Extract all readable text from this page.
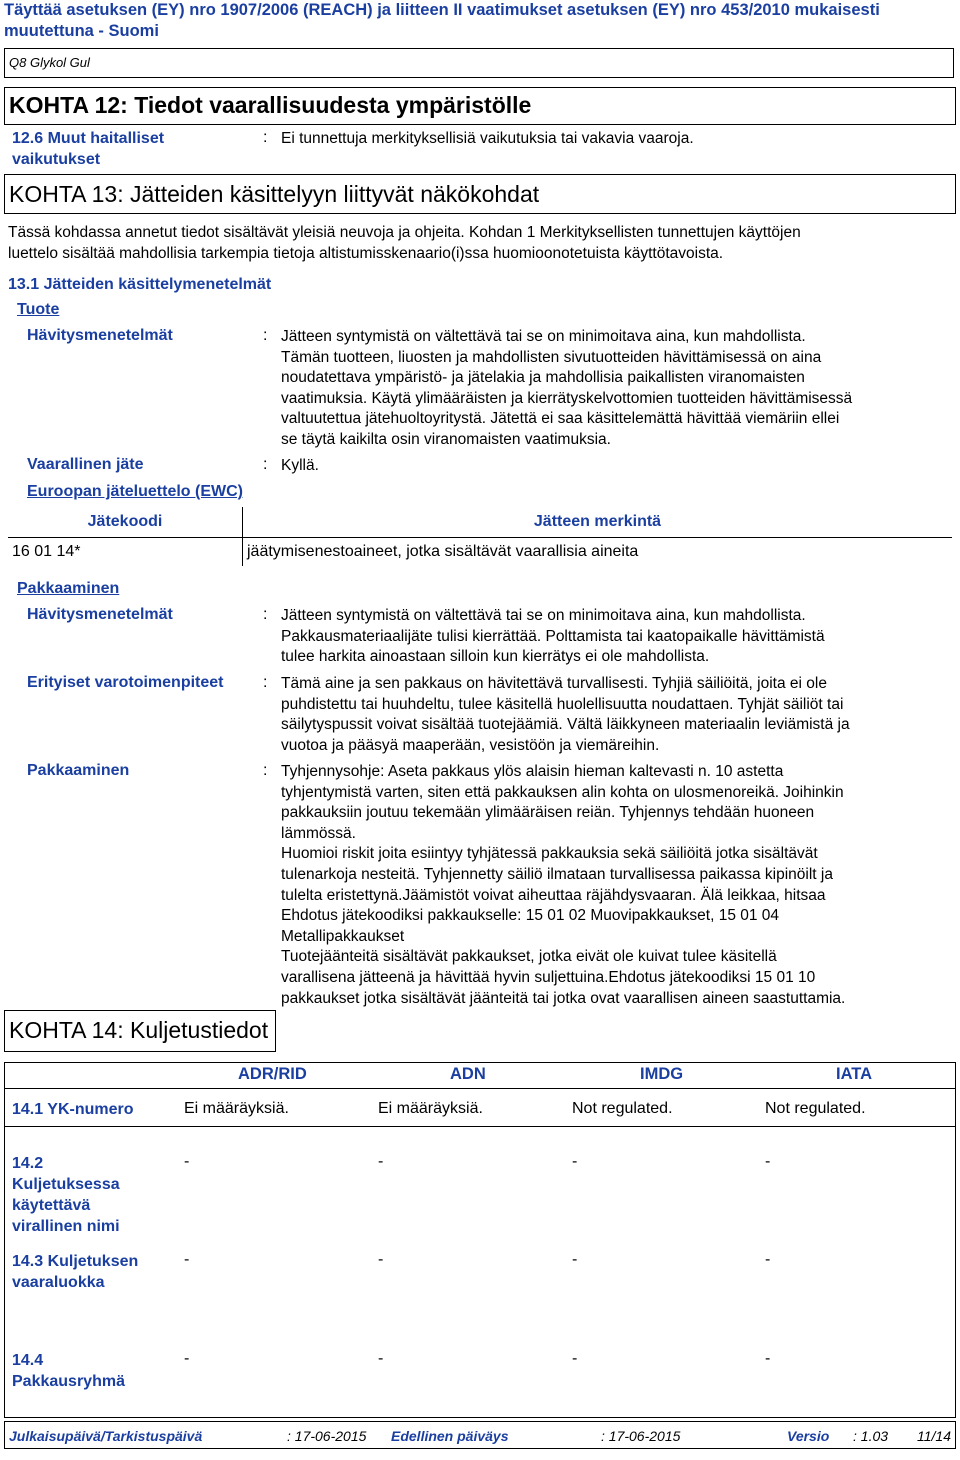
Täyttää asetuksen (EY) nro 1907/2006 (REACH) ja liitteen II vaatimukset asetuksen (EY) nro 453/2010 mukaisesti muutettuna - Suomi
Q8 Glykol Gul
KOHTA 12: Tiedot vaarallisuudesta ympäristölle
12.6 Muut haitalliset
vaikutukset
: Ei tunnettuja merkityksellisiä vaikutuksia tai vakavia vaaroja.
KOHTA 13: Jätteiden käsittelyyn liittyvät näkökohdat
Tässä kohdassa annetut tiedot sisältävät yleisiä neuvoja ja ohjeita. Kohdan 1 Merkityksellisten tunnettujen käyttöjen
luettelo sisältää mahdollisia tarkempia tietoja altistumisskenaario(i)ssa huomioonotetuista käyttötavoista.
13.1 Jätteiden käsittelymenetelmät
Tuote
Hävitysmenetelmät	: Jätteen syntymistä on vältettävä tai se on minimoitava aina, kun mahdollista.
Tämän tuotteen, liuosten ja mahdollisten sivutuotteiden hävittämisessä on aina
noudatettava ympäristö- ja jätelakia ja mahdollisia paikallisten viranomaisten
vaatimuksia. Käytä ylimääräisten ja kierrätyskelvottomien tuotteiden hävittämisessä
valtuutettua jätehuoltoyritystä. Jätettä ei saa käsittelemättä hävittää viemäriin ellei
se täytä kaikilta osin viranomaisten vaatimuksia.
Vaarallinen jäte	: Kyllä.
Euroopan jäteluettelo (EWC)
Jätekoodi	Jätteen merkintä
16 01 14*	jäätymisenestoaineet, jotka sisältävät vaarallisia aineita
Pakkaaminen
Hävitysmenetelmät	: Jätteen syntymistä on vältettävä tai se on minimoitava aina, kun mahdollista.
Pakkausmateriaalijäte tulisi kierrättää. Polttamista tai kaatopaikalle hävittämistä
tulee harkita ainoastaan silloin kun kierrätys ei ole mahdollista.
Erityiset varotoimenpiteet : Tämä aine ja sen pakkaus on hävitettävä turvallisesti. Tyhjiä säiliöitä, joita ei ole
puhdistettu tai huuhdeltu, tulee käsitellä huolellisuutta noudattaen. Tyhjät säiliöt tai
säilytyspussit voivat sisältää tuotejäämiä. Vältä läikkyneen materiaalin leviämistä ja
vuotoa ja pääsyä maaperään, vesistöön ja viemäreihin.
Pakkaaminen	: Tyhjennysohje: Aseta pakkaus ylös alaisin hieman kaltevasti n. 10 astetta
tyhjentymistä varten, siten että pakkauksen alin kohta on ulosmenoreikä. Joihinkin
pakkauksiin joutuu tekemään ylimääräisen reiän. Tyhjennys tehdään huoneen
lämmössä.
Huomioi riskit joita esiintyy tyhjätessä pakkauksia sekä säiliöitä jotka sisältävät
tulenarkoja nesteitä. Tyhjennetty säiliö ilmataan turvallisessa paikassa kipinöilt ja
tulelta eristettynä.Jäämistöt voivat aiheuttaa räjähdysvaaran. Älä leikkaa, hitsaa
Ehdotus jätekoodiksi pakkaukselle: 15 01 02 Muovipakkaukset, 15 01 04
Metallipakkaukset
Tuotejäänteitä sisältävät pakkaukset, jotka eivät ole kuivat tulee käsitellä
varallisena jätteenä ja hävittää hyvin suljettuina.Ehdotus jätekoodiksi 15 01 10
pakkaukset jotka sisältävät jäänteitä tai jotka ovat vaarallisen aineen saastuttamia.
KOHTA 14: Kuljetustiedot
ADR/RID	ADN	IMDG	IATA
14.1 YK-numero	Ei määräyksiä.	Ei määräyksiä.	Not regulated.	Not regulated.
14.2
Kuljetuksessa
käytettävä
virallinen nimi
-	-	-	-
14.3 Kuljetuksen
vaaraluokka
-	-	-	-
14.4
Pakkausryhmä
-	-	-	-
Julkaisupäivä/Tarkistuspäivä	: 17-06-2015 Edellinen päiväys	: 17-06-2015	Versio : 1.03 11/14
